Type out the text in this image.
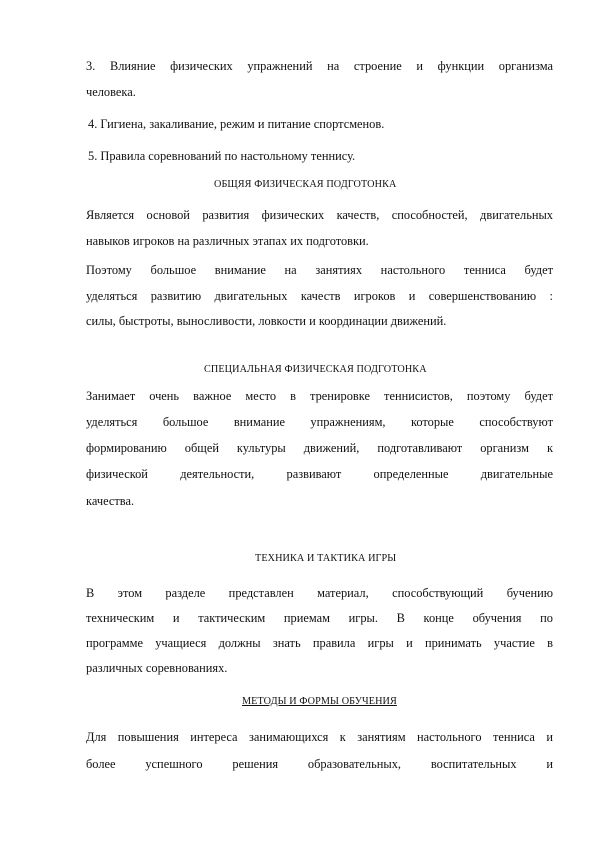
3. Влияние физических упражнений на строение и функции организма
человека.
4. Гигиена, закаливание, режим и питание спортсменов.
5. Правила соревнований по настольному теннису.
ОБЩЯЯ ФИЗИЧЕСКАЯ ПОДГОТОНКА
Является основой развития физических качеств, способностей, двигательных
навыков игроков на различных этапах их подготовки.
Поэтому большое внимание на занятиях настольного тенниса будет
уделяться развитию двигательных качеств игроков и совершенствованию :
силы, быстроты, выносливости, ловкости и координации движений.
СПЕЦИАЛЬНАЯ ФИЗИЧЕСКАЯ ПОДГОТОНКА
Занимает очень важное место в тренировке теннисистов, поэтому будет
уделяться большое внимание упражнениям, которые способствуют
формированию общей культуры движений, подготавливают организм к
физической деятельности, развивают определенные двигательные
качества.
ТЕХНИКА И ТАКТИКА ИГРЫ
В этом разделе представлен материал, способствующий бучению
техническим и тактическим приемам игры. В конце обучения по
программе учащиеся должны знать правила игры и принимать участие в
различных соревнованиях.
МЕТОДЫ И ФОРМЫ ОБУЧЕНИЯ
Для повышения интереса занимающихся к занятиям настольного тенниса и
более успешного решения образовательных, воспитательных и
